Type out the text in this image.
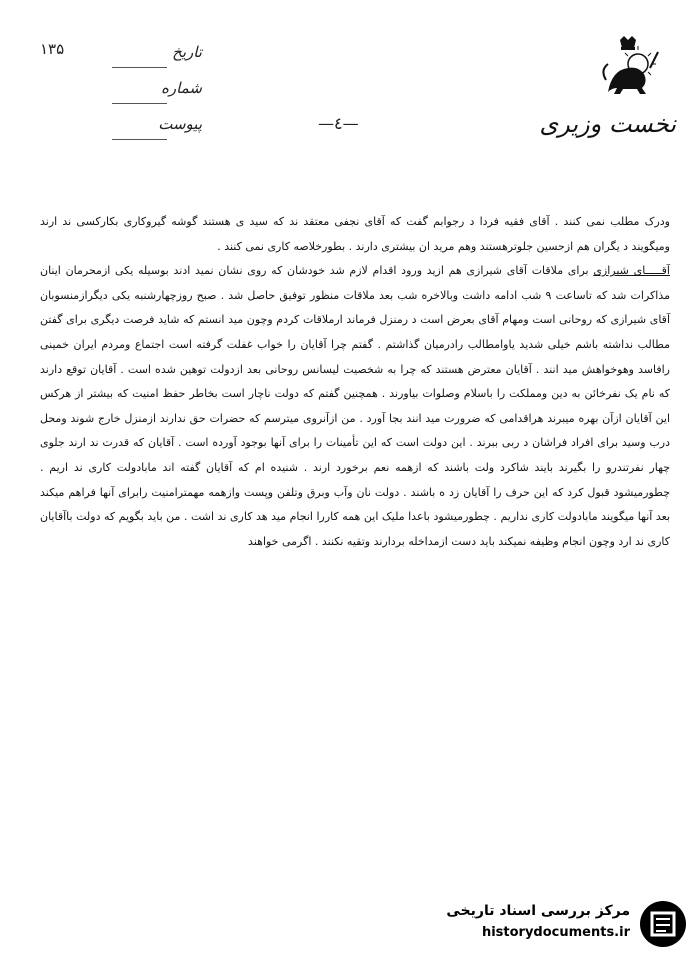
۱۳۵
نخست وزیری
تاریخ
شماره
پیوست	—٤—

ودرک مطلب نمی کنند . آقای فقیه فردا د رجوابم گفت که آقای نجفی معتقد ند که سید ی هستند گوشه گیروکاری بکارکسی ند ارند ومیگویند د یگران هم ازحسین جلوترهستند وهم مرید ان بیشتری دارند . بطورخلاصه کاری نمی کنند .

آقـــــای شیرازی برای ملاقات آقای شیرازی هم ازید ورود اقدام لازم شد خودشان که روی نشان نمید ادند بوسیله یکی ازمحرمان اینان مذاکرات شد که تاساعت ۹ شب ادامه داشت وبالاخره شب بعد ملاقات منظور توفیق حاصل شد . صبح روزچهارشنبه یکی دیگرازمنسوبان آقای شیرازی که روحانی است ومهام آقای بعرض است د رمنزل فرماند ارملاقات کردم وچون مید انستم که شاید فرصت دیگری برای گفتن مطالب نداشته باشم خیلی شدید یاوامطالب رادرمیان گذاشتم . گفتم چرا آقایان را خواب غفلت گرفته است اجتماع ومردم ایران خمینی رافاسد وهوخواهش مید انند . آقایان معترض هستند که چرا به شخصیت لیسانس روحانی بعد ازدولت توهین شده است . آقایان توقع دارند که نام یک نفرخائن به دین ومملکت را باسلام وصلوات بیاورند . همچنین گفتم که دولت ناچار است بخاطر حفظ امنیت که بیشتر از هرکس این آقایان ازآن بهره میبرند هراقدامی که ضرورت مید انند بجا آورد . من ازآنروی میترسم که حضرات حق ندارند ازمنزل خارج شوند ومحل درب وسید برای افراد فراشان د ربی ببرند . این دولت است که این تأمینات را برای آنها بوجود آورده است . آقایان که قدرت ند ارند جلوی چهار نفرتندرو را بگیرند بایند شاکرد ولت باشند که ازهمه نعم برخورد ارند . شنیده ام که آقایان گفته اند مابادولت کاری ند اریم . چطورمیشود قبول کرد که این حرف را آقایان زد ه باشند . دولت نان وآب وبرق وتلفن وپست وازهمه مهمترامنیت رابرای آنها فراهم میکند بعد آنها میگویند مابادولت کاری نداریم . چطورمیشود باعدا ملیک این همه کاررا انجام مید هد کاری ند اشت . من باید بگویم که دولت باآقایان کاری ند ارد وچون انجام وظیفه نمیکند باید دست ازمداخله بردارند وتقیه نکنند . اگرمی خواهند

مرکز بررسی اسناد تاریخی
historydocuments.ir
